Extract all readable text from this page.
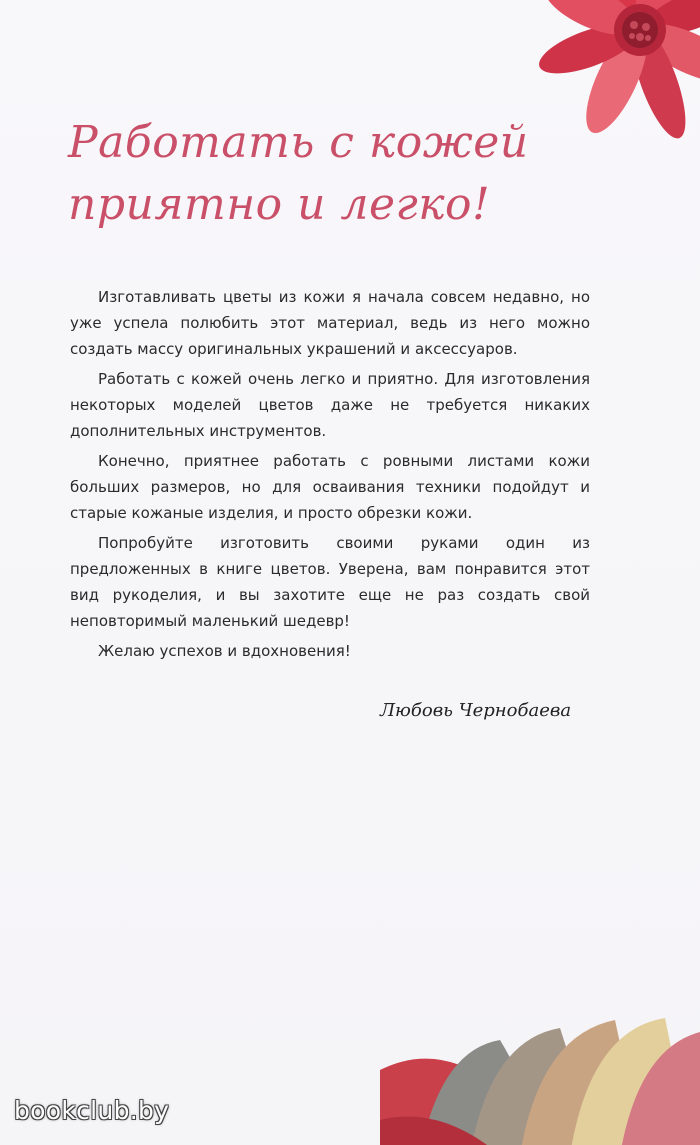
Работать с кожей
приятно и легко!

Изготавливать цветы из кожи я начала совсем недавно, но уже успела полюбить этот материал, ведь из него можно создать массу оригинальных украшений и аксессуаров.

Работать с кожей очень легко и приятно. Для изготовления некоторых моделей цветов даже не требуется никаких дополнительных инструментов.

Конечно, приятнее работать с ровными листами кожи больших размеров, но для осваивания техники подойдут и старые кожаные изделия, и просто обрезки кожи.

Попробуйте изготовить своими руками один из предложенных в книге цветов. Уверена, вам понравится этот вид рукоделия, и вы захотите еще не раз создать свой неповторимый маленький шедевр!

Желаю успехов и вдохновения!

Любовь Чернобаева
bookclub.by
